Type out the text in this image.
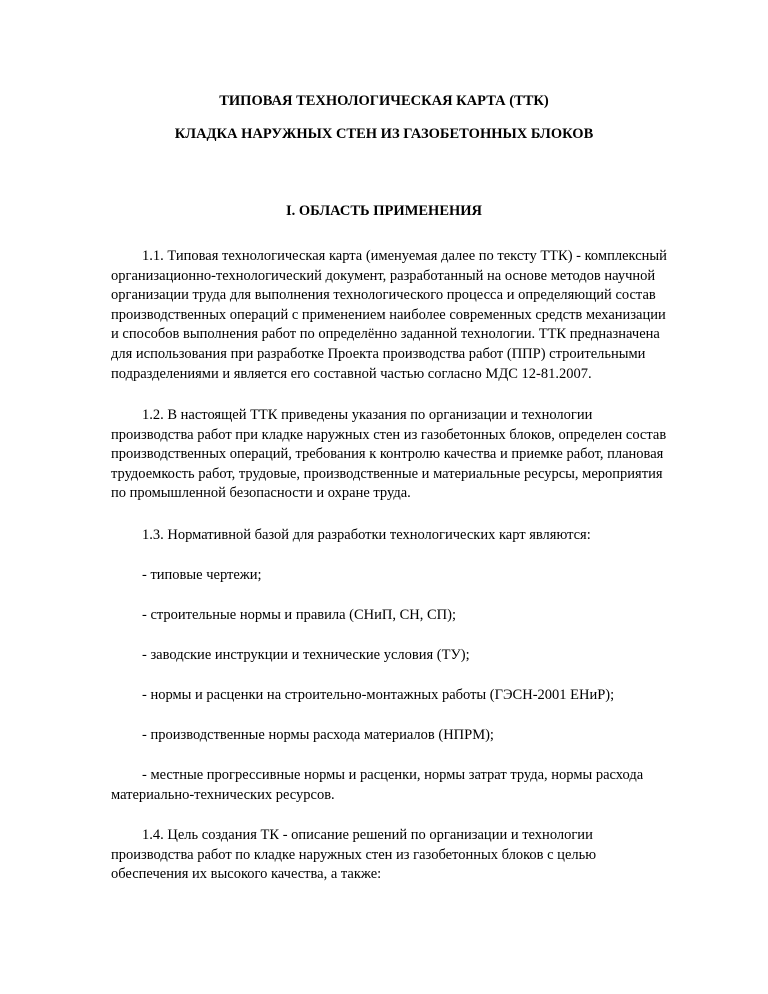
ТИПОВАЯ ТЕХНОЛОГИЧЕСКАЯ КАРТА (ТТК)
КЛАДКА НАРУЖНЫХ СТЕН ИЗ ГАЗОБЕТОННЫХ БЛОКОВ
I. ОБЛАСТЬ ПРИМЕНЕНИЯ

1.1. Типовая технологическая карта (именуемая далее по тексту ТТК) - комплексный
организационно-технологический документ, разработанный на основе методов научной
организации труда для выполнения технологического процесса и определяющий состав
производственных операций с применением наиболее современных средств механизации
и способов выполнения работ по определённо заданной технологии. ТТК предназначена
для использования при разработке Проекта производства работ (ППР) строительными
подразделениями и является его составной частью согласно МДС 12-81.2007.

1.2. В настоящей ТТК приведены указания по организации и технологии
производства работ при кладке наружных стен из газобетонных блоков, определен состав
производственных операций, требования к контролю качества и приемке работ, плановая
трудоемкость работ, трудовые, производственные и материальные ресурсы, мероприятия
по промышленной безопасности и охране труда.

1.3. Нормативной базой для разработки технологических карт являются:

- типовые чертежи;

- строительные нормы и правила (СНиП, СН, СП);

- заводские инструкции и технические условия (ТУ);

- нормы и расценки на строительно-монтажных работы (ГЭСН-2001 ЕНиР);

- производственные нормы расхода материалов (НПРМ);

- местные прогрессивные нормы и расценки, нормы затрат труда, нормы расхода
материально-технических ресурсов.

1.4. Цель создания ТК - описание решений по организации и технологии
производства работ по кладке наружных стен из газобетонных блоков с целью
обеспечения их высокого качества, а также:
